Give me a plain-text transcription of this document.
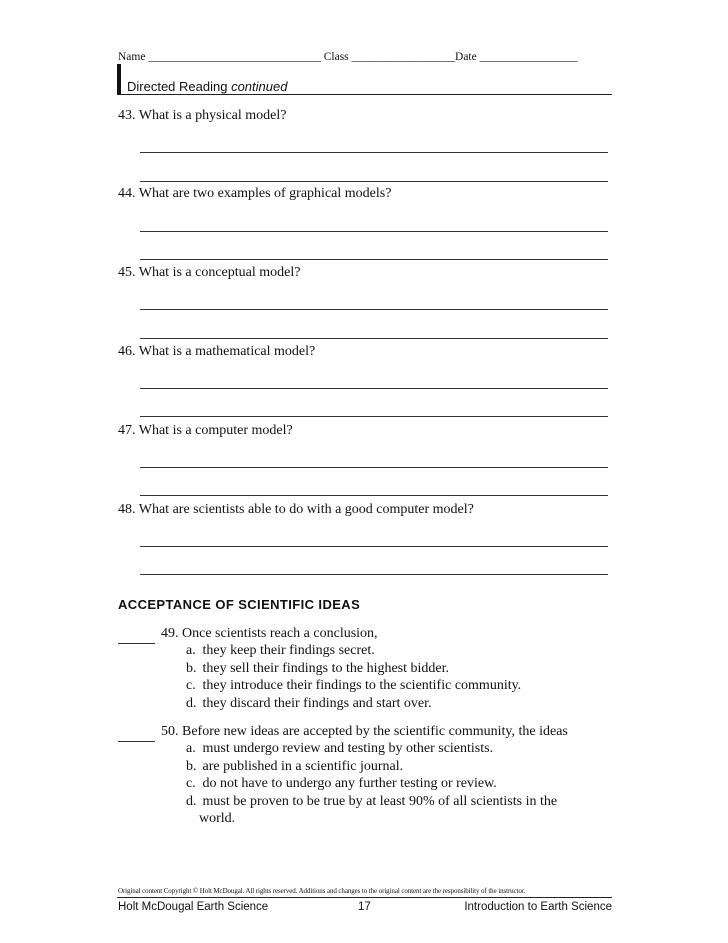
Name ______________________________ Class __________________Date _________________
Directed Reading continued
43. What is a physical model?
44. What are two examples of graphical models?
45. What is a conceptual model?
46. What is a mathematical model?
47. What is a computer model?
48. What are scientists able to do with a good computer model?
ACCEPTANCE OF SCIENTIFIC IDEAS
49. Once scientists reach a conclusion,
a. they keep their findings secret.
b. they sell their findings to the highest bidder.
c. they introduce their findings to the scientific community.
d. they discard their findings and start over.
50. Before new ideas are accepted by the scientific community, the ideas
a. must undergo review and testing by other scientists.
b. are published in a scientific journal.
c. do not have to undergo any further testing or review.
d. must be proven to be true by at least 90% of all scientists in the
world.
Original content Copyright © Holt McDougal. All rights reserved. Additions and changes to the original content are the responsibility of the instructor.
Holt McDougal Earth Science	17	Introduction to Earth Science
